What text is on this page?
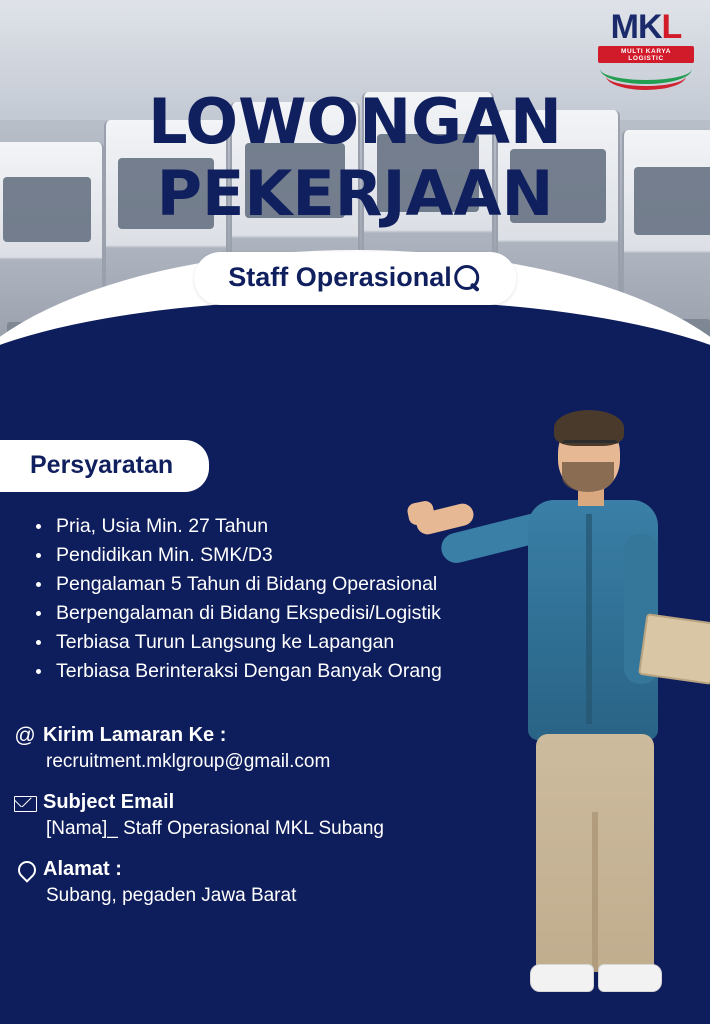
MKL
MULTI KARYA LOGISTIC
LOWONGAN
PEKERJAAN
Staff Operasional
Persyaratan
Pria, Usia Min. 27 Tahun
Pendidikan Min. SMK/D3
Pengalaman 5 Tahun di Bidang Operasional
Berpengalaman di Bidang Ekspedisi/Logistik
Terbiasa Turun Langsung ke Lapangan
Terbiasa Berinteraksi Dengan Banyak Orang
@ Kirim Lamaran Ke :
recruitment.mklgroup@gmail.com
Subject Email
[Nama]_ Staff Operasional MKL Subang
Alamat :
Subang, pegaden Jawa Barat
